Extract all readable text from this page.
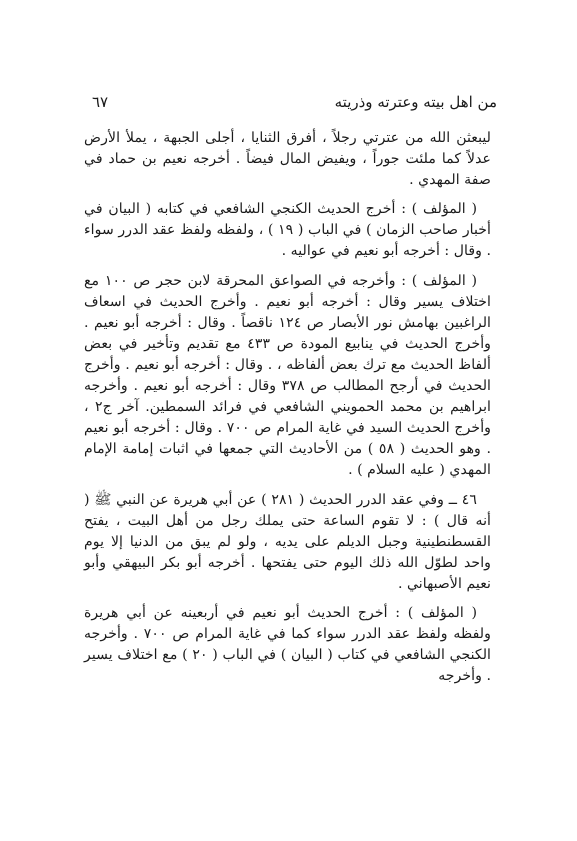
من اهل بيته وعترته وذريته
٦٧

ليبعثن الله من عترتي رجلاً ، أفرق الثنايا ، أجلى الجبهة ، يملأ الأرض عدلاً كما ملئت جوراً ، ويفيض المال فيضاً . أخرجه نعيم بن حماد في صفة المهدي .

( المؤلف ) : أخرج الحديث الكنجي الشافعي في كتابه ( البيان في أخبار صاحب الزمان ) في الباب ( ١٩ ) ، ولفظه ولفظ عقد الدرر سواء . وقال : أخرجه أبو نعيم في عواليه .

( المؤلف ) : وأخرجه في الصواعق المحرقة لابن حجر ص ١٠٠ مع اختلاف يسير وقال : أخرجه أبو نعيم . وأخرج الحديث في اسعاف الراغبين بهامش نور الأبصار ص ١٢٤ ناقصاً . وقال : أخرجه أبو نعيم . وأخرج الحديث في ينابيع المودة ص ٤٣٣ مع تقديم وتأخير في بعض ألفاظ الحديث مع ترك بعض ألفاظه ، . وقال : أخرجه أبو نعيم . وأخرج الحديث في أرجح المطالب ص ٣٧٨ وقال : أخرجه أبو نعيم . وأخرجه ابراهيم بن محمد الحمويني الشافعي في فرائد السمطين. آخر ج٢ ، وأخرج الحديث السيد في غاية المرام ص ٧٠٠ . وقال : أخرجه أبو نعيم . وهو الحديث ( ٥٨ ) من الأحاديث التي جمعها في اثبات إمامة الإمام المهدي ( عليه السلام ) .

٤٦ ــ وفي عقد الدرر الحديث ( ٢٨١ ) عن أبي هريرة عن النبي ﷺ ( أنه قال ) : لا تقوم الساعة حتى يملك رجل من أهل البيت ، يفتح القسطنطينية وجبل الديلم على يديه ، ولو لم يبق من الدنيا إلا يوم واحد لطوّل الله ذلك اليوم حتى يفتحها . أخرجه أبو بكر البيهقي وأبو نعيم الأصبهاني .

( المؤلف ) : أخرج الحديث أبو نعيم في أربعينه عن أبي هريرة ولفظه ولفظ عقد الدرر سواء كما في غاية المرام ص ٧٠٠ . وأخرجه الكنجي الشافعي في كتاب ( البيان ) في الباب ( ٢٠ ) مع اختلاف يسير . وأخرجه
